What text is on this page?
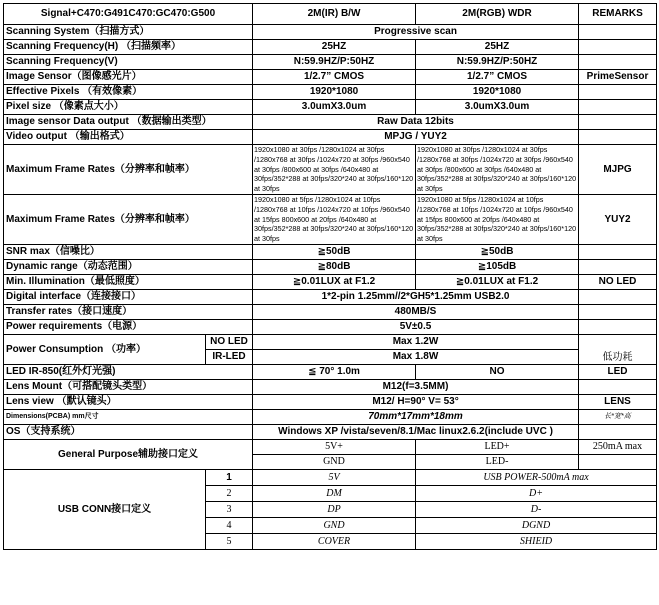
Signal+C470:G491C470:GC470:G500		2M(IR) B/W	2M(RGB) WDR	REMARKS
Scanning System（扫描方式）		Progressive scan		
Scanning Frequency(H) （扫描频率）		25HZ	25HZ	
Scanning Frequency(V)		N:59.9HZ/P:50HZ	N:59.9HZ/P:50HZ	
Image Sensor（图像感光片）		1/2.7” CMOS	1/2.7” CMOS	PrimeSensor
Effective Pixels （有效像素）		1920*1080	1920*1080	
Pixel size （像素点大小）		3.0umX3.0um	3.0umX3.0um	
Image sensor Data output （数据输出类型）		Raw Data 12bits		
Video output （输出格式）		MPJG / YUY2		
Maximum Frame Rates（分辨率和帧率）		1920x1080 at 30fps /1280x1024 at 30fps /1280x768 at 30fps /1024x720 at 30fps /960x540 at 30fps /800x600 at 30fps /640x480 at 30fps/352*288 at 30fps/320*240 at 30fps/160*120 at 30fps	1920x1080 at 30fps /1280x1024 at 30fps /1280x768 at 30fps /1024x720 at 30fps /960x540 at 30fps /800x600 at 30fps /640x480 at 30fps/352*288 at 30fps/320*240 at 30fps/160*120 at 30fps	MJPG
Maximum Frame Rates（分辨率和帧率）		1920x1080 at 5fps /1280x1024 at 10fps /1280x768 at 10fps /1024x720 at 10fps /960x540 at 15fps 800x600 at 20fps /640x480 at 30fps/352*288 at 30fps/320*240 at 30fps/160*120 at 30fps	1920x1080 at 5fps /1280x1024 at 10fps /1280x768 at 10fps /1024x720 at 10fps /960x540 at 15fps 800x600 at 20fps /640x480 at 30fps/352*288 at 30fps/320*240 at 30fps/160*120 at 30fps	YUY2
SNR max（信噪比）		≧50dB	≧50dB	
Dynamic range（动态范围）		≧80dB	≧105dB	
Min. Illumination（最低照度）		≧0.01LUX at F1.2	≧0.01LUX at F1.2	NO LED
Digital interface（连接接口）		1*2-pin 1.25mm//2*GH5*1.25mm USB2.0		
Transfer rates（接口速度）		480MB/S		
Power requirements（电源）		5V±0.5		
Power Consumption （功率）	NO LED	Max 1.2W		低功耗
	IR-LED	Max 1.8W		
LED IR-850(红外灯光强)		≦ 70° 1.0m	NO	LED
Lens Mount（可搭配镜头类型）		M12(f=3.5MM)		
Lens view （默认镜头）		M12/ H=90° V= 53°		LENS
Dimensions(PCBA) mm尺寸		70mm*17mm*18mm		长*宽*高
OS（支持系统）		Windows XP /vista/seven/8.1/Mac linux2.6.2(include UVC )		
General Purpose辅助接口定义		5V+	LED+	250mA max
		GND	LED-	
USB CONN接口定义	1	5V	USB POWER-500mA max	
	2	DM	D+	
	3	DP	D-	
	4	GND	DGND	
	5	COVER	SHIEID	
